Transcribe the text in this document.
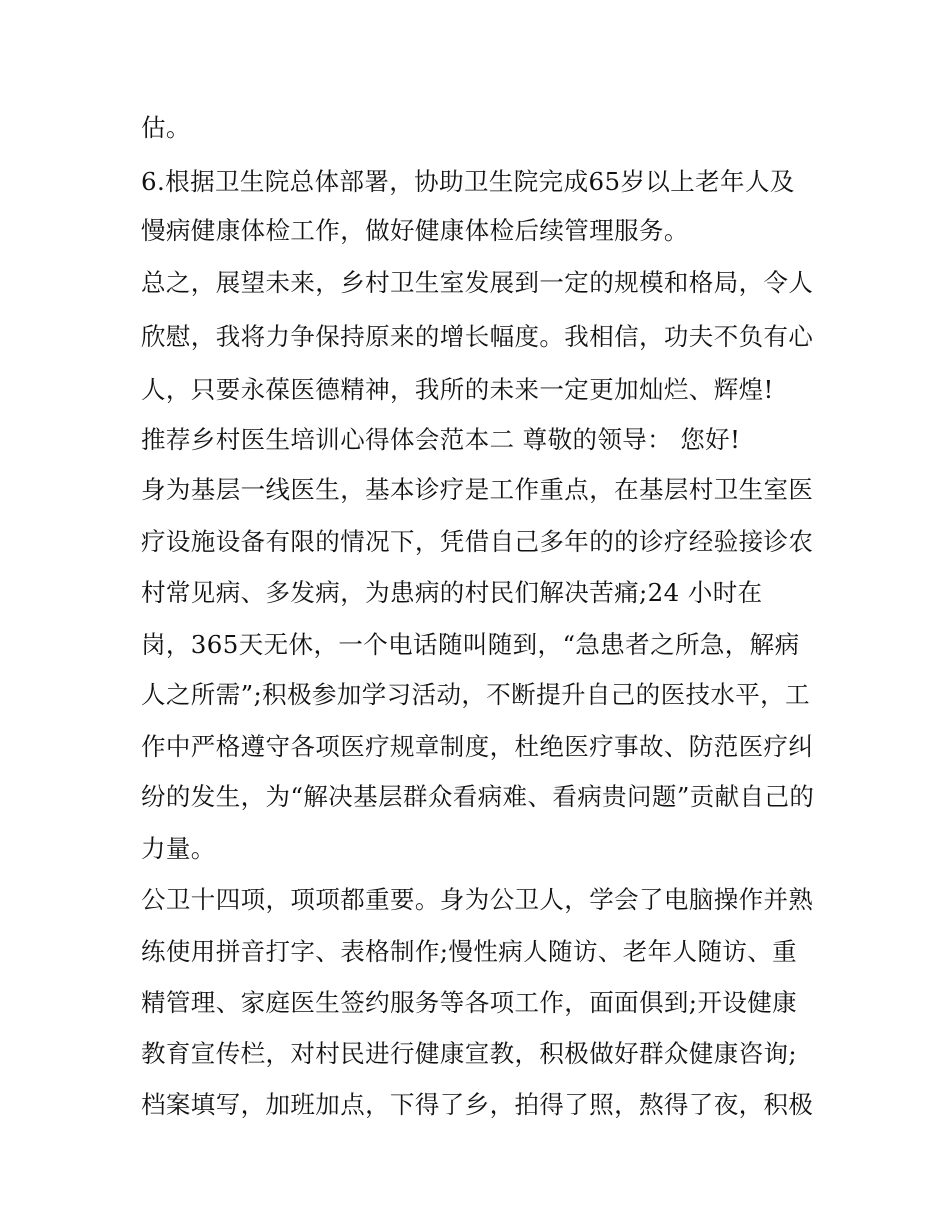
估。
6.根据卫生院总体部署，协助卫生院完成65岁以上老年人及
慢病健康体检工作，做好健康体检后续管理服务。
总之，展望未来，乡村卫生室发展到一定的规模和格局，令人
欣慰，我将力争保持原来的增长幅度。我相信，功夫不负有心
人，只要永葆医德精神，我所的未来一定更加灿烂、辉煌!
推荐乡村医生培训心得体会范本二 尊敬的领导： 您好!
身为基层一线医生，基本诊疗是工作重点，在基层村卫生室医
疗设施设备有限的情况下，凭借自己多年的的诊疗经验接诊农
村常见病、多发病，为患病的村民们解决苦痛;24 小时在
岗，365天无休，一个电话随叫随到，“急患者之所急，解病
人之所需”;积极参加学习活动，不断提升自己的医技水平，工
作中严格遵守各项医疗规章制度，杜绝医疗事故、防范医疗纠
纷的发生，为“解决基层群众看病难、看病贵问题”贡献自己的
力量。
公卫十四项，项项都重要。身为公卫人，学会了电脑操作并熟
练使用拼音打字、表格制作;慢性病人随访、老年人随访、重
精管理、家庭医生签约服务等各项工作，面面俱到;开设健康
教育宣传栏，对村民进行健康宣教，积极做好群众健康咨询;
档案填写，加班加点，下得了乡，拍得了照，熬得了夜，积极
